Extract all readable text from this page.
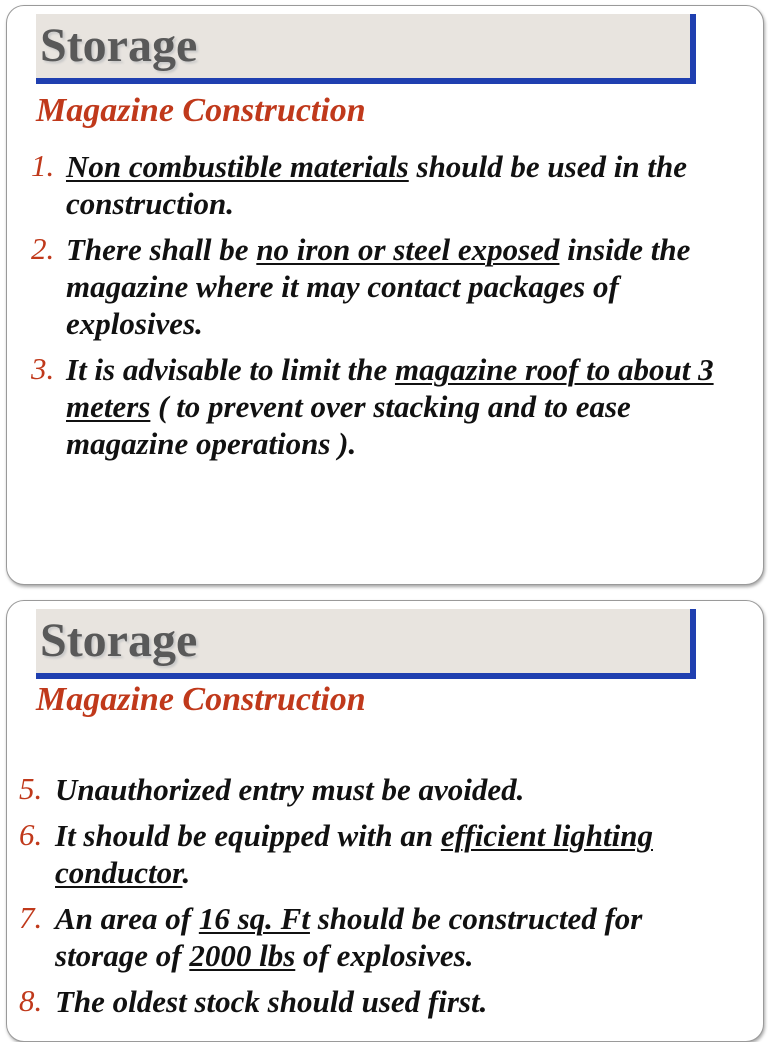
Storage
Magazine Construction
1. Non combustible materials should be used in the construction.
2. There shall be no iron or steel exposed inside the magazine where it may contact packages of explosives.
3. It is advisable to limit the magazine roof to about 3 meters ( to prevent over stacking and to ease magazine operations ).
Storage
Magazine Construction
5. Unauthorized entry must be avoided.
6. It should be equipped with an efficient lighting conductor.
7. An area of 16 sq. Ft should be constructed for storage of 2000 lbs of explosives.
8. The oldest stock should used first.
